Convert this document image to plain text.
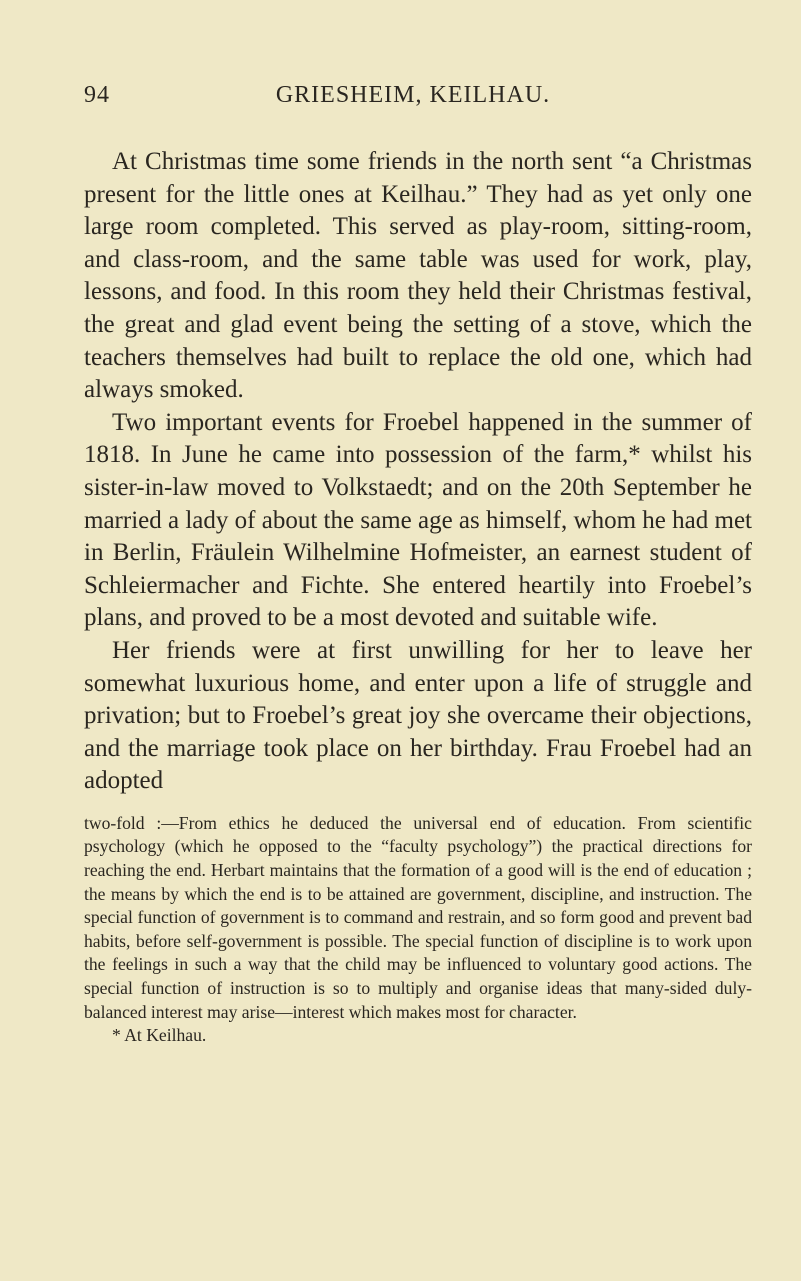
94	GRIESHEIM, KEILHAU.

At Christmas time some friends in the north sent “a Christmas present for the little ones at Keilhau.” They had as yet only one large room completed. This served as play-room, sitting-room, and class-room, and the same table was used for work, play, lessons, and food. In this room they held their Christmas festival, the great and glad event being the setting of a stove, which the teachers themselves had built to replace the old one, which had always smoked.

Two important events for Froebel happened in the summer of 1818. In June he came into possession of the farm,* whilst his sister-in-law moved to Volkstaedt; and on the 20th September he married a lady of about the same age as himself, whom he had met in Berlin, Fräulein Wilhelmine Hofmeister, an earnest student of Schleiermacher and Fichte. She entered heartily into Froebel’s plans, and proved to be a most devoted and suitable wife.

Her friends were at first unwilling for her to leave her somewhat luxurious home, and enter upon a life of struggle and privation; but to Froebel’s great joy she overcame their objections, and the marriage took place on her birthday. Frau Froebel had an adopted

two-fold :—From ethics he deduced the universal end of education. From scientific psychology (which he opposed to the “faculty psychology”) the practical directions for reaching the end. Herbart maintains that the formation of a good will is the end of education ; the means by which the end is to be attained are government, discipline, and instruction. The special function of government is to command and restrain, and so form good and prevent bad habits, before self-government is possible. The special function of discipline is to work upon the feelings in such a way that the child may be influenced to voluntary good actions. The special function of instruction is so to multiply and organise ideas that many-sided duly-balanced interest may arise—interest which makes most for character.

* At Keilhau.
